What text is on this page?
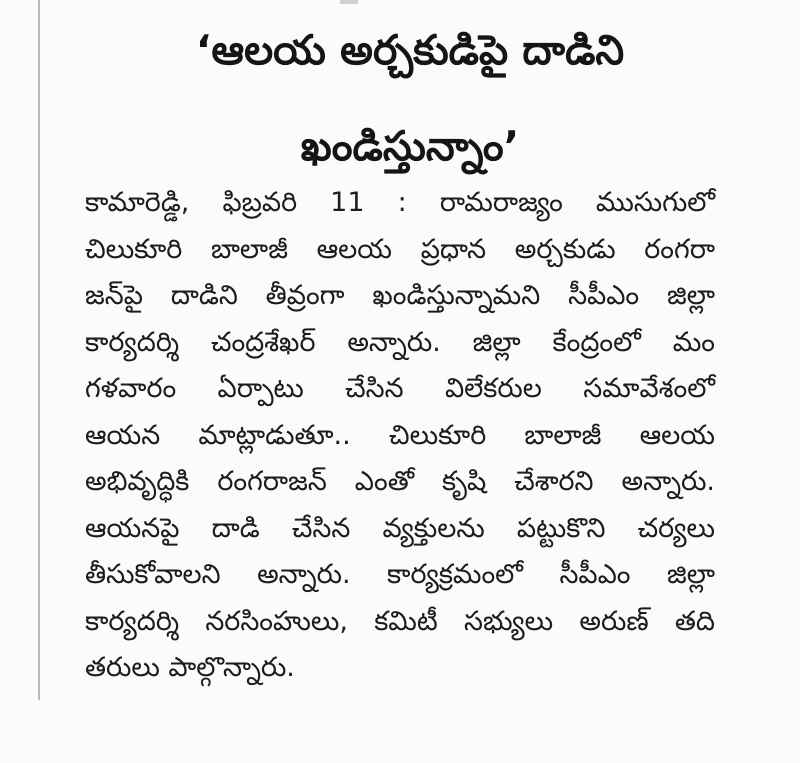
‘ఆలయ అర్చకుడిపై దాడిని
ఖండిస్తున్నాం’
కామారెడ్డి, ఫిబ్రవరి 11 : రామరాజ్యం ముసుగులో
చిలుకూరి బాలాజీ ఆలయ ప్రధాన అర్చకుడు రంగరా
జన్‌పై దాడిని తీవ్రంగా ఖండిస్తున్నామని సీపీఎం జిల్లా
కార్యదర్శి చంద్రశేఖర్ అన్నారు. జిల్లా కేంద్రంలో మం
గళవారం ఏర్పాటు చేసిన విలేకరుల సమావేశంలో
ఆయన మాట్లాడుతూ.. చిలుకూరి బాలాజీ ఆలయ
అభివృద్ధికి రంగరాజన్ ఎంతో కృషి చేశారని అన్నారు.
ఆయనపై దాడి చేసిన వ్యక్తులను పట్టుకొని చర్యలు
తీసుకోవాలని అన్నారు. కార్యక్రమంలో సీపీఎం జిల్లా
కార్యదర్శి నరసింహులు, కమిటీ సభ్యులు అరుణ్ తది
తరులు పాల్గొన్నారు.
